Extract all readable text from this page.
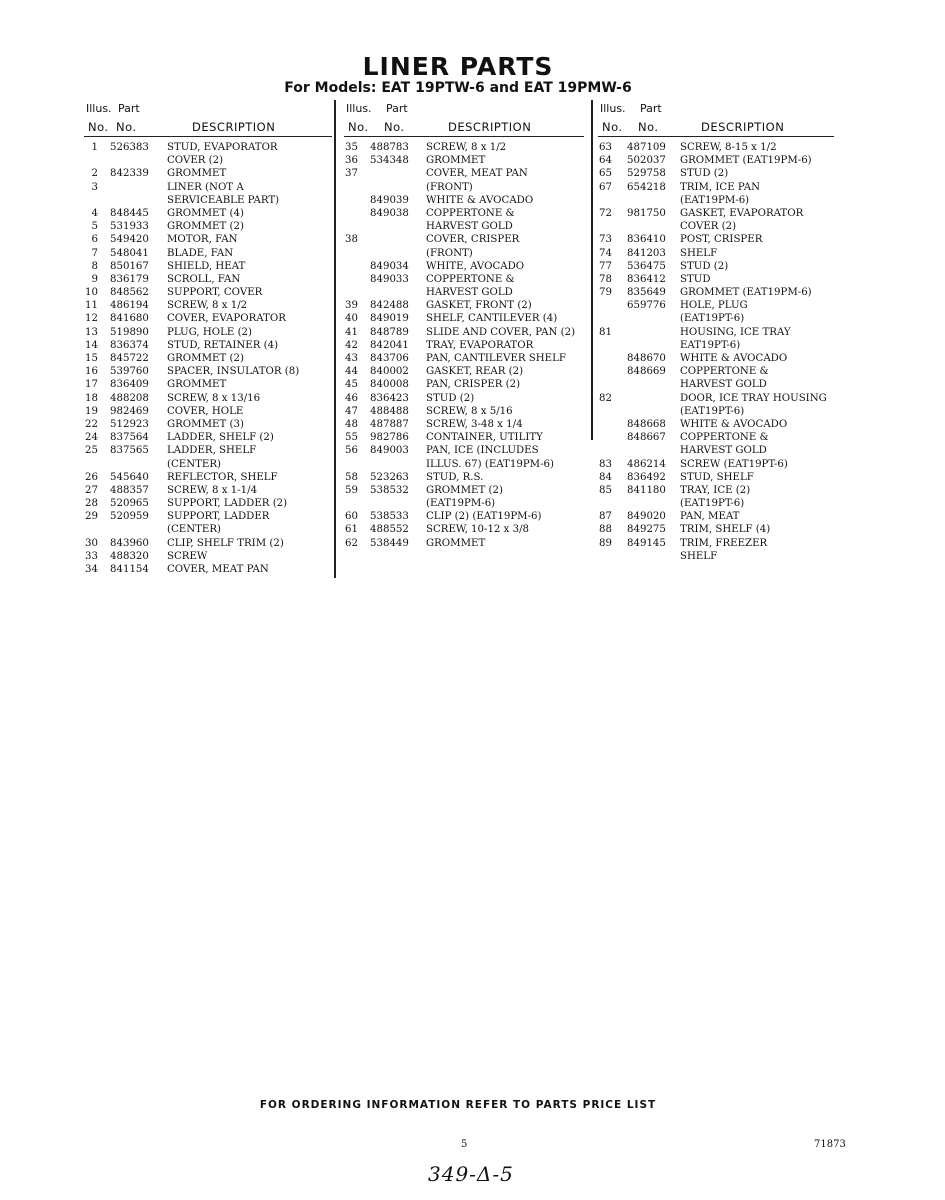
LINER PARTS
For Models: EAT 19PTW-6 and EAT 19PMW-6
Illus. Part
No. No.	DESCRIPTION
1 526383 STUD, EVAPORATOR
COVER (2)
2 842339 GROMMET
3	LINER (NOT A
SERVICEABLE PART)
4 848445 GROMMET (4)
5 531933 GROMMET (2)
6 549420 MOTOR, FAN
7 548041 BLADE, FAN
8 850167 SHIELD, HEAT
9 836179 SCROLL, FAN
10 848562 SUPPORT, COVER
11 486194 SCREW, 8 x 1/2
12 841680 COVER, EVAPORATOR
13 519890 PLUG, HOLE (2)
14 836374 STUD, RETAINER (4)
15 845722 GROMMET (2)
16 539760 SPACER, INSULATOR (8)
17 836409 GROMMET
18 488208 SCREW, 8 x 13/16
19 982469 COVER, HOLE
22 512923 GROMMET (3)
24 837564 LADDER, SHELF (2)
25 837565 LADDER, SHELF
(CENTER)
26 545640 REFLECTOR, SHELF
27 488357 SCREW, 8 x 1-1/4
28 520965 SUPPORT, LADDER (2)
29 520959 SUPPORT, LADDER
(CENTER)
30 843960 CLIP, SHELF TRIM (2)
33 488320 SCREW
34 841154 COVER, MEAT PAN
Illus. Part
No. No.	DESCRIPTION
35 488783 SCREW, 8 x 1/2
36 534348 GROMMET
37	COVER, MEAT PAN
(FRONT)
849039 WHITE & AVOCADO
849038 COPPERTONE &
HARVEST GOLD
38	COVER, CRISPER
(FRONT)
849034 WHITE, AVOCADO
849033 COPPERTONE &
HARVEST GOLD
39 842488 GASKET, FRONT (2)
40 849019 SHELF, CANTILEVER (4)
41 848789 SLIDE AND COVER, PAN (2)
42 842041 TRAY, EVAPORATOR
43 843706 PAN, CANTILEVER SHELF
44 840002 GASKET, REAR (2)
45 840008 PAN, CRISPER (2)
46 836423 STUD (2)
47 488488 SCREW, 8 x 5/16
48 487887 SCREW, 3-48 x 1/4
55 982786 CONTAINER, UTILITY
56 849003 PAN, ICE (INCLUDES
ILLUS. 67) (EAT19PM-6)
58 523263 STUD, R.S.
59 538532 GROMMET (2)
(EAT19PM-6)
60 538533 CLIP (2) (EAT19PM-6)
61 488552 SCREW, 10-12 x 3/8
62 538449 GROMMET
Illus. Part
No. No.	DESCRIPTION
63 487109 SCREW, 8-15 x 1/2
64 502037 GROMMET (EAT19PM-6)
65 529758 STUD (2)
67 654218 TRIM, ICE PAN
(EAT19PM-6)
72 981750 GASKET, EVAPORATOR
COVER (2)
73 836410 POST, CRISPER
74 841203 SHELF
77 536475 STUD (2)
78 836412 STUD
79 835649 GROMMET (EAT19PM-6)
659776 HOLE, PLUG
(EAT19PT-6)
81	HOUSING, ICE TRAY
EAT19PT-6)
848670 WHITE & AVOCADO
848669 COPPERTONE &
HARVEST GOLD
82	DOOR, ICE TRAY HOUSING
(EAT19PT-6)
848668 WHITE & AVOCADO
848667 COPPERTONE &
HARVEST GOLD
83 486214 SCREW (EAT19PT-6)
84 836492 STUD, SHELF
85 841180 TRAY, ICE (2)
(EAT19PT-6)
87 849020 PAN, MEAT
88 849275 TRIM, SHELF (4)
89 849145 TRIM, FREEZER
SHELF
FOR ORDERING INFORMATION REFER TO PARTS PRICE LIST
5	71873
349-Δ-5
